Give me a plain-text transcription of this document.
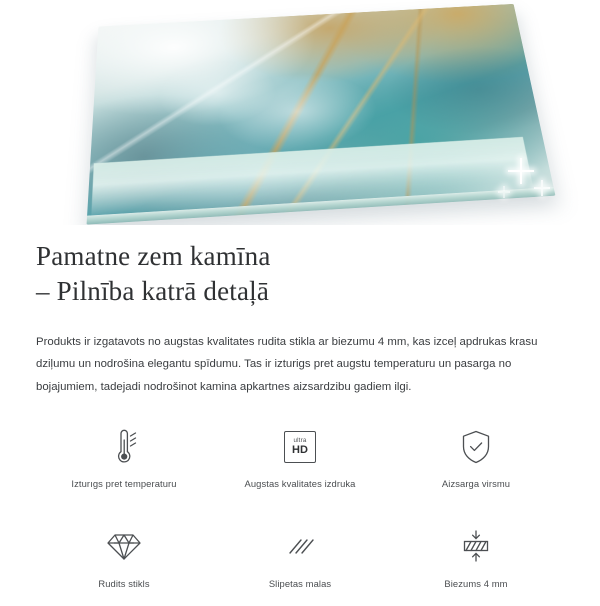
Pamatne zem kamīna
– Pilnība katrā detaļā

Produkts ir izgatavots no augstas kvalitates rudita stikla ar biezumu 4 mm, kas izceļ apdrukas krasu dziļumu un nodrošina elegantu spīdumu. Tas ir izturigs pret augstu temperaturu un pasarga no bojajumiem, tadejadi nodrošinot kamina apkartnes aizsardzibu gadiem ilgi.

Izturıgs pret temperaturu
ultra
HD
Augstas kvalitates izdruka	Aizsarga virsmu
Rudits stikls	Slipetas malas	Biezums 4 mm
